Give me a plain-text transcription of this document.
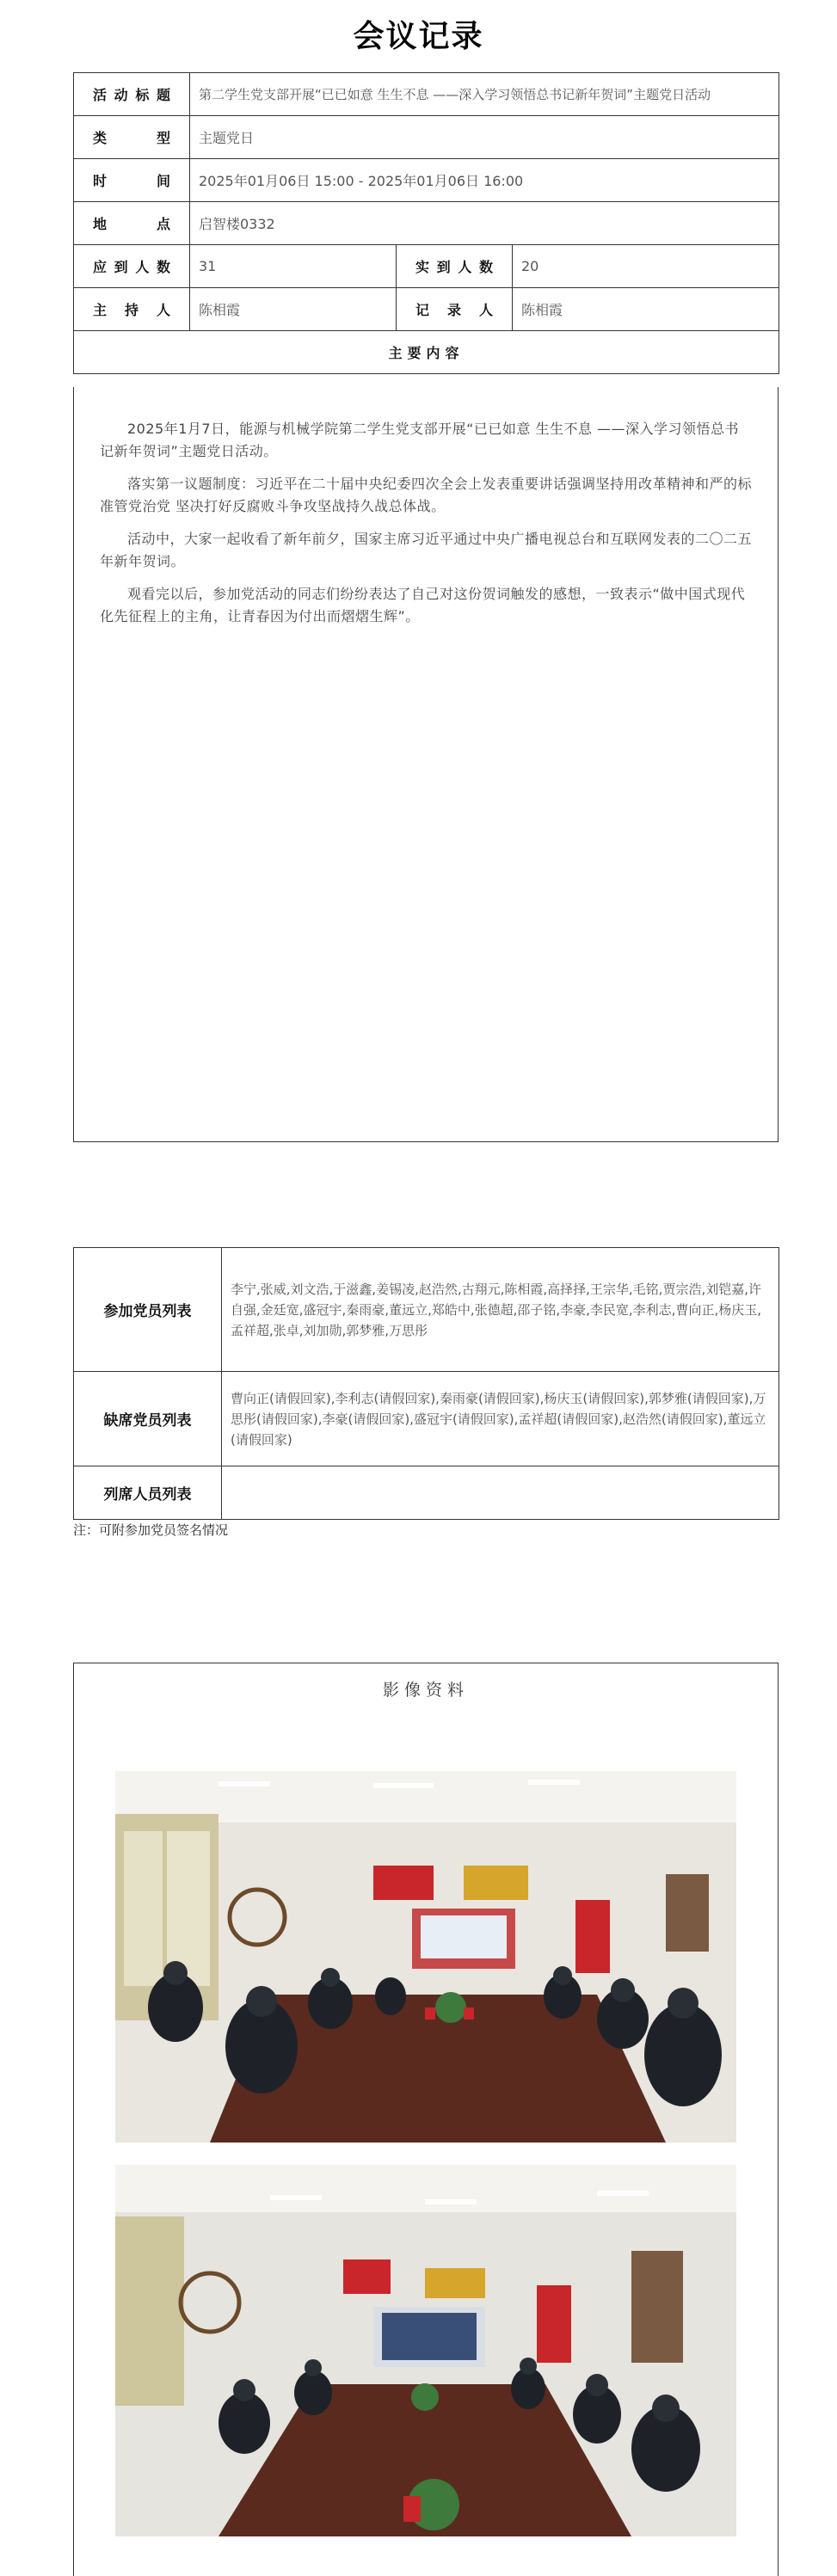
会议记录
活动标题	第二学生党支部开展“已已如意 生生不息 ——深入学习领悟总书记新年贺词”主题党日活动		
类型	主题党日		
时间	2025年01月06日 15:00 - 2025年01月06日 16:00		
地点	启智楼0332		
应到人数	31	实到人数	20
主持人	陈相霞	记录人	陈相霞
主要内容			

2025年1月7日，能源与机械学院第二学生党支部开展“已已如意 生生不息 ——深入学习领悟总书记新年贺词”主题党日活动。

落实第一议题制度：习近平在二十届中央纪委四次全会上发表重要讲话强调坚持用改革精神和严的标准管党治党 坚决打好反腐败斗争攻坚战持久战总体战。

活动中，大家一起收看了新年前夕，国家主席习近平通过中央广播电视总台和互联网发表的二〇二五年新年贺词。

观看完以后，参加党活动的同志们纷纷表达了自己对这份贺词触发的感想，一致表示“做中国式现代化先征程上的主角，让青春因为付出而熠熠生辉”。

参加党员列表	李宁,张威,刘文浩,于滋鑫,姜锡凌,赵浩然,古翔元,陈相霞,高择择,王宗华,毛铭,贾宗浩,刘铠嘉,许自强,金廷宽,盛冠宇,秦雨豪,董远立,郑皓中,张德超,邵子铭,李豪,李民宽,李利志,曹向正,杨庆玉,孟祥超,张卓,刘加勋,郭梦雅,万思彤
缺席党员列表	曹向正(请假回家),李利志(请假回家),秦雨豪(请假回家),杨庆玉(请假回家),郭梦雅(请假回家),万思彤(请假回家),李豪(请假回家),盛冠宇(请假回家),孟祥超(请假回家),赵浩然(请假回家),董远立(请假回家)
列席人员列表	
注：可附参加党员签名情况
影像资料
